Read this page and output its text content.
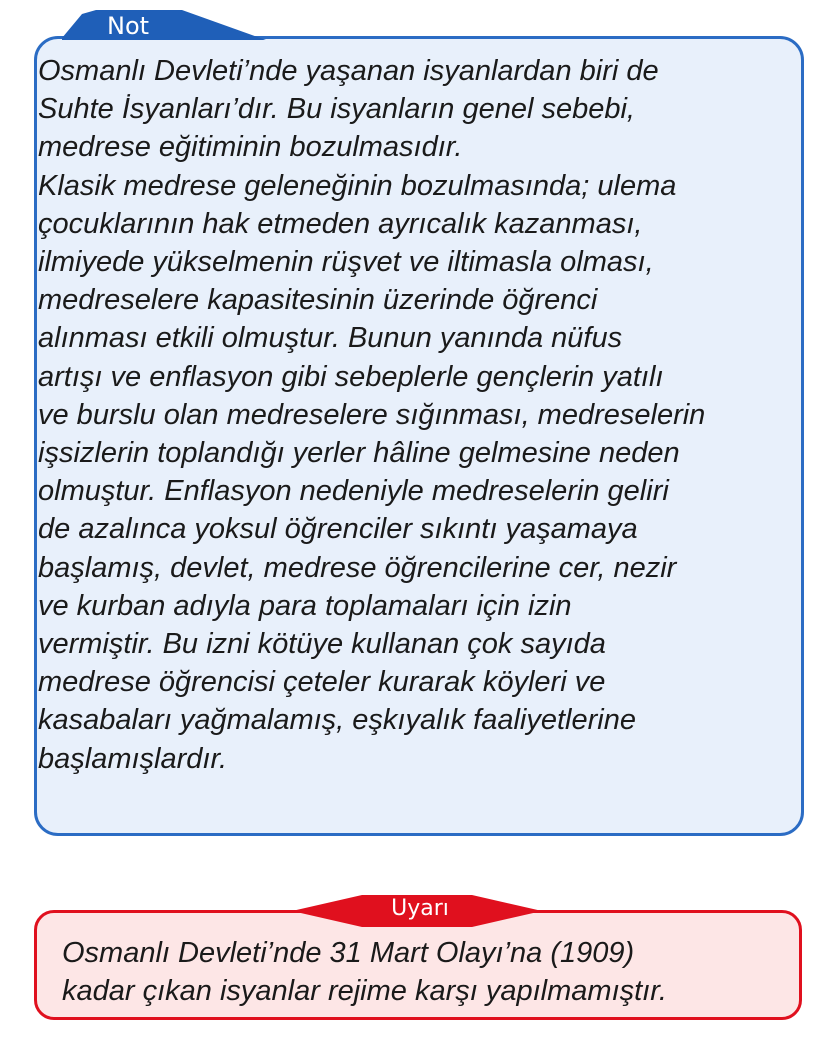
Not

Osmanlı Devleti’nde yaşanan isyanlardan biri de
Suhte İsyanları’dır. Bu isyanların genel sebebi,
medrese eğitiminin bozulmasıdır.
Klasik medrese geleneğinin bozulmasında; ulema
çocuklarının hak etmeden ayrıcalık kazanması,
ilmiyede yükselmenin rüşvet ve iltimasla olması,
medreselere kapasitesinin üzerinde öğrenci
alınması etkili olmuştur. Bunun yanında nüfus
artışı ve enflasyon gibi sebeplerle gençlerin yatılı
ve burslu olan medreselere sığınması, medreselerin
işsizlerin toplandığı yerler hâline gelmesine neden
olmuştur. Enflasyon nedeniyle medreselerin geliri
de azalınca yoksul öğrenciler sıkıntı yaşamaya
başlamış, devlet, medrese öğrencilerine cer, nezir
ve kurban adıyla para toplamaları için izin
vermiştir. Bu izni kötüye kullanan çok sayıda
medrese öğrencisi çeteler kurarak köyleri ve
kasabaları yağmalamış, eşkıyalık faaliyetlerine
başlamışlardır.

Uyarı

Osmanlı Devleti’nde 31 Mart Olayı’na (1909)
kadar çıkan isyanlar rejime karşı yapılmamıştır.
